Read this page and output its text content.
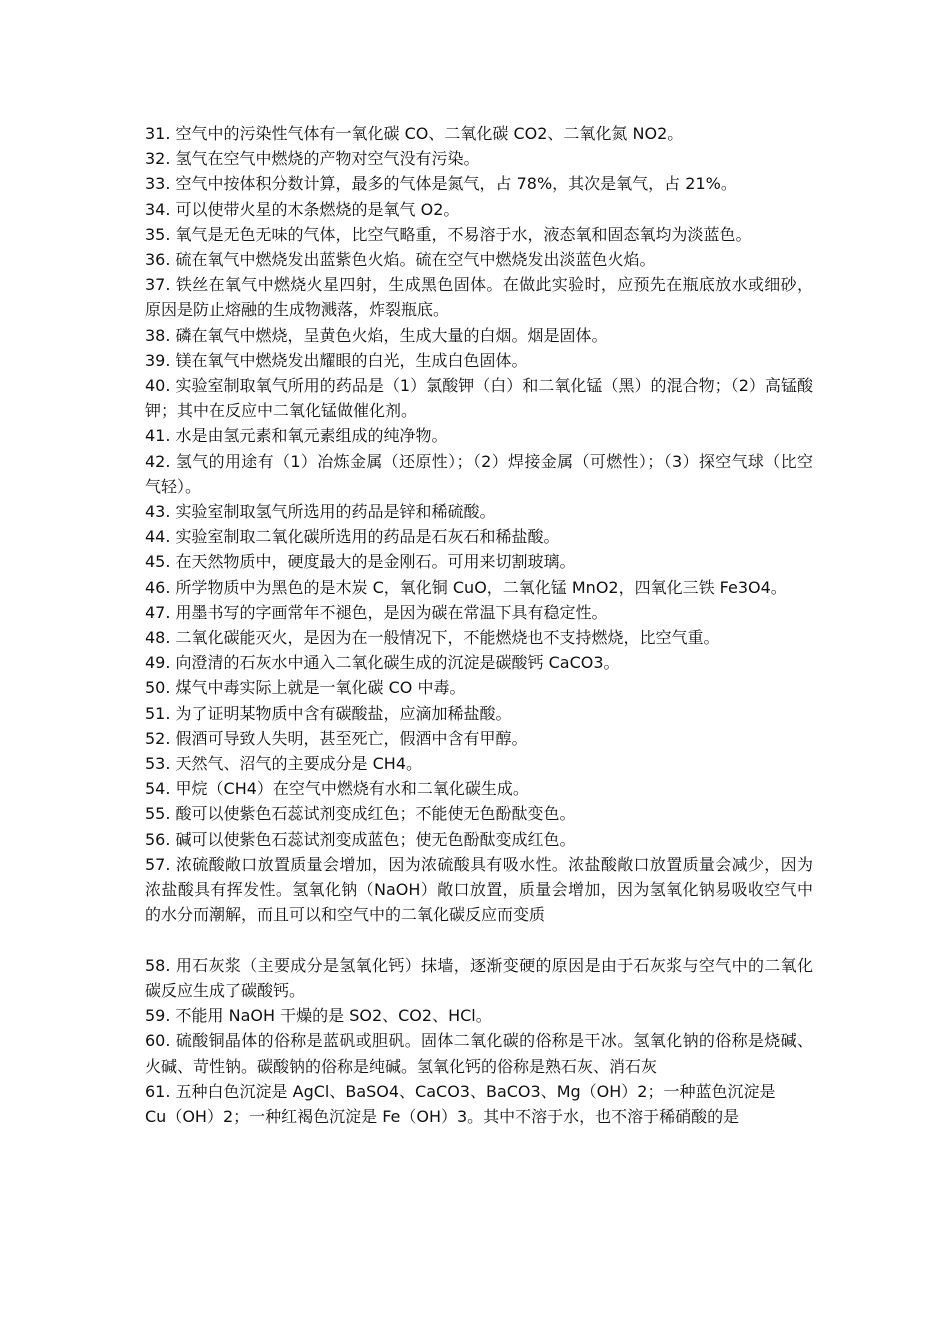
31. 空气中的污染性气体有一氧化碳 CO、二氧化碳 CO2、二氧化氮 NO2。

32. 氢气在空气中燃烧的产物对空气没有污染。

33. 空气中按体积分数计算，最多的气体是氮气，占 78%，其次是氧气，占 21%。

34. 可以使带火星的木条燃烧的是氧气 O2。

35. 氧气是无色无味的气体，比空气略重，不易溶于水，液态氧和固态氧均为淡蓝色。

36. 硫在氧气中燃烧发出蓝紫色火焰。硫在空气中燃烧发出淡蓝色火焰。

37. 铁丝在氧气中燃烧火星四射，生成黑色固体。在做此实验时，应预先在瓶底放水或细砂，原因是防止熔融的生成物溅落，炸裂瓶底。

38. 磷在氧气中燃烧，呈黄色火焰，生成大量的白烟。烟是固体。

39. 镁在氧气中燃烧发出耀眼的白光，生成白色固体。

40. 实验室制取氧气所用的药品是（1）氯酸钾（白）和二氧化锰（黑）的混合物；（2）高锰酸钾；其中在反应中二氧化锰做催化剂。

41. 水是由氢元素和氧元素组成的纯净物。

42. 氢气的用途有（1）冶炼金属（还原性）；（2）焊接金属（可燃性）；（3）探空气球（比空气轻）。

43. 实验室制取氢气所选用的药品是锌和稀硫酸。

44. 实验室制取二氧化碳所选用的药品是石灰石和稀盐酸。

45. 在天然物质中，硬度最大的是金刚石。可用来切割玻璃。

46. 所学物质中为黑色的是木炭 C，氧化铜 CuO，二氧化锰 MnO2，四氧化三铁 Fe3O4。

47. 用墨书写的字画常年不褪色，是因为碳在常温下具有稳定性。

48. 二氧化碳能灭火，是因为在一般情况下，不能燃烧也不支持燃烧，比空气重。

49. 向澄清的石灰水中通入二氧化碳生成的沉淀是碳酸钙 CaCO3。

50. 煤气中毒实际上就是一氧化碳 CO 中毒。

51. 为了证明某物质中含有碳酸盐，应滴加稀盐酸。

52. 假酒可导致人失明，甚至死亡，假酒中含有甲醇。

53. 天然气、沼气的主要成分是 CH4。

54. 甲烷（CH4）在空气中燃烧有水和二氧化碳生成。

55. 酸可以使紫色石蕊试剂变成红色；不能使无色酚酞变色。

56. 碱可以使紫色石蕊试剂变成蓝色；使无色酚酞变成红色。

57. 浓硫酸敞口放置质量会增加，因为浓硫酸具有吸水性。浓盐酸敞口放置质量会减少，因为浓盐酸具有挥发性。氢氧化钠（NaOH）敞口放置，质量会增加，因为氢氧化钠易吸收空气中的水分而潮解，而且可以和空气中的二氧化碳反应而变质

58. 用石灰浆（主要成分是氢氧化钙）抹墙，逐渐变硬的原因是由于石灰浆与空气中的二氧化碳反应生成了碳酸钙。

59. 不能用 NaOH 干燥的是 SO2、CO2、HCl。

60. 硫酸铜晶体的俗称是蓝矾或胆矾。固体二氧化碳的俗称是干冰。氢氧化钠的俗称是烧碱、火碱、苛性钠。碳酸钠的俗称是纯碱。氢氧化钙的俗称是熟石灰、消石灰

61. 五种白色沉淀是 AgCl、BaSO4、CaCO3、BaCO3、Mg（OH）2；一种蓝色沉淀是

Cu（OH）2；一种红褐色沉淀是 Fe（OH）3。其中不溶于水，也不溶于稀硝酸的是
